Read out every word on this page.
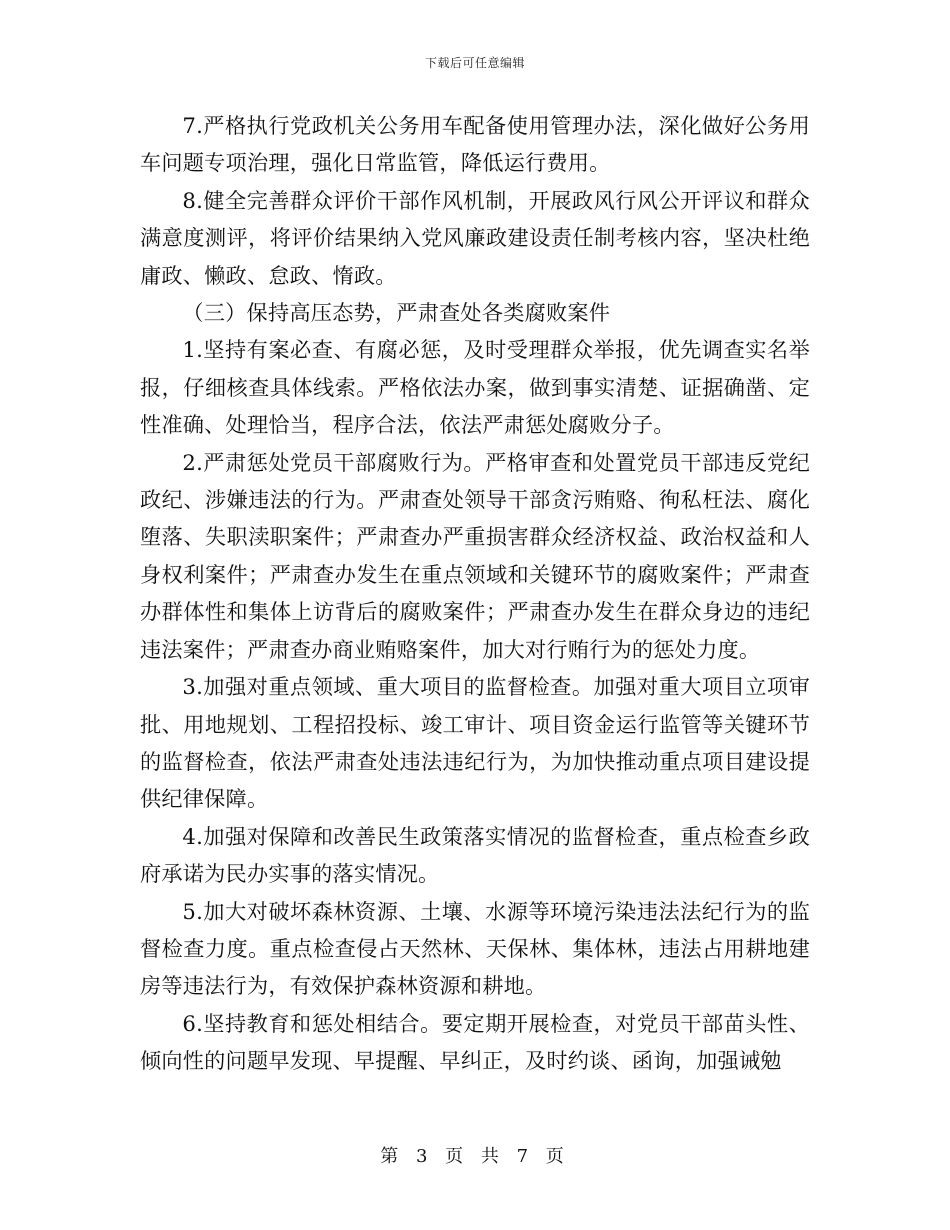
下载后可任意编辑

7.严格执行党政机关公务用车配备使用管理办法，深化做好公务用车问题专项治理，强化日常监管，降低运行费用。

8.健全完善群众评价干部作风机制，开展政风行风公开评议和群众满意度测评，将评价结果纳入党风廉政建设责任制考核内容，坚决杜绝庸政、懒政、怠政、惰政。

（三）保持高压态势，严肃查处各类腐败案件

1.坚持有案必查、有腐必惩，及时受理群众举报，优先调查实名举报，仔细核查具体线索。严格依法办案，做到事实清楚、证据确凿、定性准确、处理恰当，程序合法，依法严肃惩处腐败分子。

2.严肃惩处党员干部腐败行为。严格审查和处置党员干部违反党纪政纪、涉嫌违法的行为。严肃查处领导干部贪污贿赂、徇私枉法、腐化堕落、失职渎职案件；严肃查办严重损害群众经济权益、政治权益和人身权利案件；严肃查办发生在重点领域和关键环节的腐败案件；严肃查办群体性和集体上访背后的腐败案件；严肃查办发生在群众身边的违纪违法案件；严肃查办商业贿赂案件，加大对行贿行为的惩处力度。

3.加强对重点领域、重大项目的监督检查。加强对重大项目立项审批、用地规划、工程招投标、竣工审计、项目资金运行监管等关键环节的监督检查，依法严肃查处违法违纪行为，为加快推动重点项目建设提供纪律保障。

4.加强对保障和改善民生政策落实情况的监督检查，重点检查乡政府承诺为民办实事的落实情况。

5.加大对破坏森林资源、土壤、水源等环境污染违法法纪行为的监督检查力度。重点检查侵占天然林、天保林、集体林，违法占用耕地建房等违法行为，有效保护森林资源和耕地。

6.坚持教育和惩处相结合。要定期开展检查，对党员干部苗头性、倾向性的问题早发现、早提醒、早纠正，及时约谈、函询，加强诫勉

第 3 页 共 7 页
